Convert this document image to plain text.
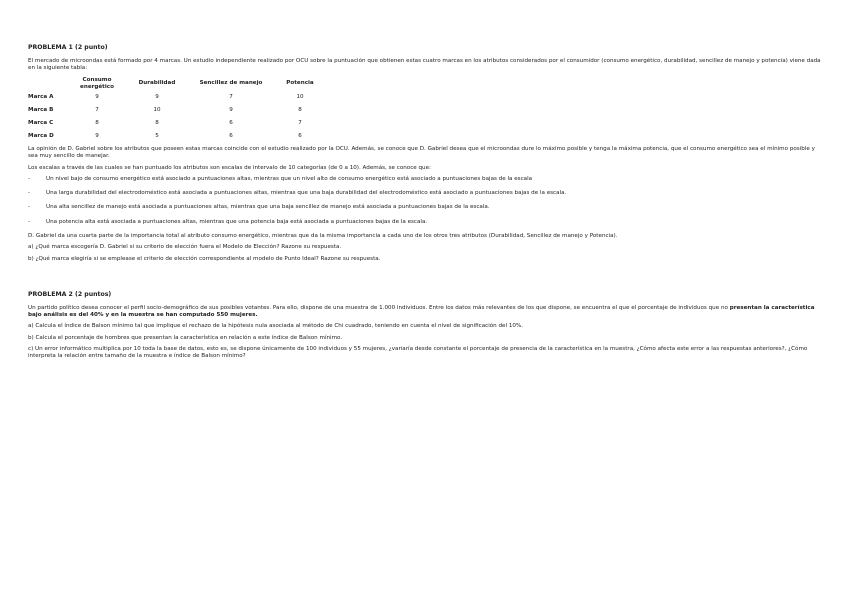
PROBLEMA 1 (2 punto)

El mercado de microondas está formado por 4 marcas. Un estudio independiente realizado por OCU sobre la puntuación que obtienen estas cuatro marcas en los atributos considerados por el consumidor (consumo energético, durabilidad, sencillez de manejo y potencia) viene dada en la siguiente tabla:

	Consumo energético	Durabilidad	Sencillez de manejo	Potencia
Marca A	9	9	7	10
Marca B	7	10	9	8
Marca C	8	8	6	7
Marca D	9	5	6	6

La opinión de D. Gabriel sobre los atributos que poseen estas marcas coincide con el estudio realizado por la OCU. Además, se conoce que D. Gabriel desea que el microondas dure lo máximo posible y tenga la máxima potencia, que el consumo energético sea el mínimo posible y sea muy sencillo de manejar.

Los escalas a través de las cuales se han puntuado los atributos son escalas de intervalo de 10 categorías (de 0 a 10). Además, se conoce que:

-	Un nivel bajo de consumo energético está asociado a puntuaciones altas, mientras que un nivel alto de consumo energético está asociado a puntuaciones bajas de la escala
-	Una larga durabilidad del electrodoméstico está asociada a puntuaciones altas, mientras que una baja durabilidad del electrodoméstico está asociado a puntuaciones bajas de la escala.
-	Una alta sencillez de manejo está asociada a puntuaciones altas, mientras que una baja sencillez de manejo está asociada a puntuaciones bajas de la escala.
-	Una potencia alta está asociada a puntuaciones altas, mientras que una potencia baja está asociada a puntuaciones bajas de la escala.

D. Gabriel da una cuarta parte de la importancia total al atributo consumo energético, mientras que da la misma importancia a cada uno de los otros tres atributos (Durabilidad, Sencillez de manejo y Potencia).

a) ¿Qué marca escogería D. Gabriel si su criterio de elección fuera el Modelo de Elección? Razone su respuesta.

b) ¿Qué marca elegiría si se emplease el criterio de elección correspondiente al modelo de Punto Ideal? Razone su respuesta.

PROBLEMA 2 (2 puntos)

Un partido político desea conocer el perfil socio-demográfico de sus posibles votantes. Para ello, dispone de una muestra de 1.000 individuos. Entre los datos más relevantes de los que dispone, se encuentra el que el porcentaje de individuos que no presentan la característica bajo análisis es del 40% y en la muestra se han computado 550 mujeres.

a) Calcula el índice de Balson mínimo tal que implique el rechazo de la hipótesis nula asociada al método de Chi cuadrado, teniendo en cuenta el nivel de significación del 10%.

b) Calcula el porcentaje de hombres que presentan la característica en relación a este índice de Balson mínimo.

c) Un error informático multiplica por 10 toda la base de datos, esto es, se dispone únicamente de 100 individuos y 55 mujeres, ¿variaría desde constante el porcentaje de presencia de la característica en la muestra, ¿Cómo afecta este error a las respuestas anteriores?, ¿Cómo interpreta la relación entre tamaño de la muestra e índice de Balson mínimo?
